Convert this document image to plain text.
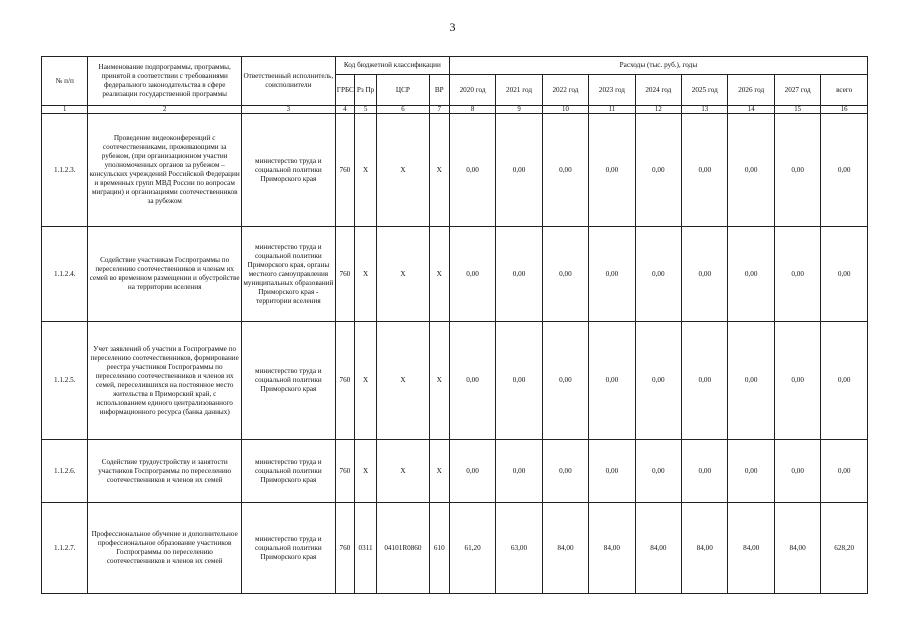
3
№ п/п	Наименование подпрограммы, программы, принятой в соответствии с требованиями федерального законодательства в сфере реализации государственной программы	Ответственный исполнитель, соисполнители	Код бюджетной классификации				Расходы (тыс. руб.), годы								
			ГРБС	Рз Пр	ЦСР	ВР	2020 год	2021 год	2022 год	2023 год	2024 год	2025 год	2026 год	2027 год	всего
1	2	3	4	5	6	7	8	9	10	11	12	13	14	15	16
1.1.2.3.	Проведение видеоконференций с соотечественниками, проживающими за рубежом, (при организационном участии уполномоченных органов за рубежом – консульских учреждений Российской Федерации и временных групп МВД России по вопросам миграции) и организациями соотечественников за рубежом	министерство труда и социальной политики Приморского края	760	Х	Х	Х	0,00	0,00	0,00	0,00	0,00	0,00	0,00	0,00	0,00
1.1.2.4.	Содействие участникам Госпрограммы по переселению соотечественников и членам их семей во временном размещении и обустройстве на территории вселения	министерство труда и социальной политики Приморского края, органы местного самоуправления муниципальных образований Приморского края - территории вселения	760	Х	Х	Х	0,00	0,00	0,00	0,00	0,00	0,00	0,00	0,00	0,00
1.1.2.5.	Учет заявлений об участии в Госпрограмме по переселению соотечественников, формирование реестра участников Госпрограммы по переселению соотечественников и членов их семей, переселившихся на постоянное место жительства в Приморский край, с использованием единого централизованного информационного ресурса (банка данных)	министерство труда и социальной политики Приморского края	760	Х	Х	Х	0,00	0,00	0,00	0,00	0,00	0,00	0,00	0,00	0,00
1.1.2.6.	Содействие трудоустройству и занятости участников Госпрограммы по переселению соотечественников и членов их семей	министерство труда и социальной политики Приморского края	760	Х	Х	Х	0,00	0,00	0,00	0,00	0,00	0,00	0,00	0,00	0,00
1.1.2.7.	Профессиональное обучение и дополнительное профессиональное образование участников Госпрограммы по переселению соотечественников и членов их семей	министерство труда и социальной политики Приморского края	760	0311	04101R0860	610	61,20	63,00	84,00	84,00	84,00	84,00	84,00	84,00	628,20
